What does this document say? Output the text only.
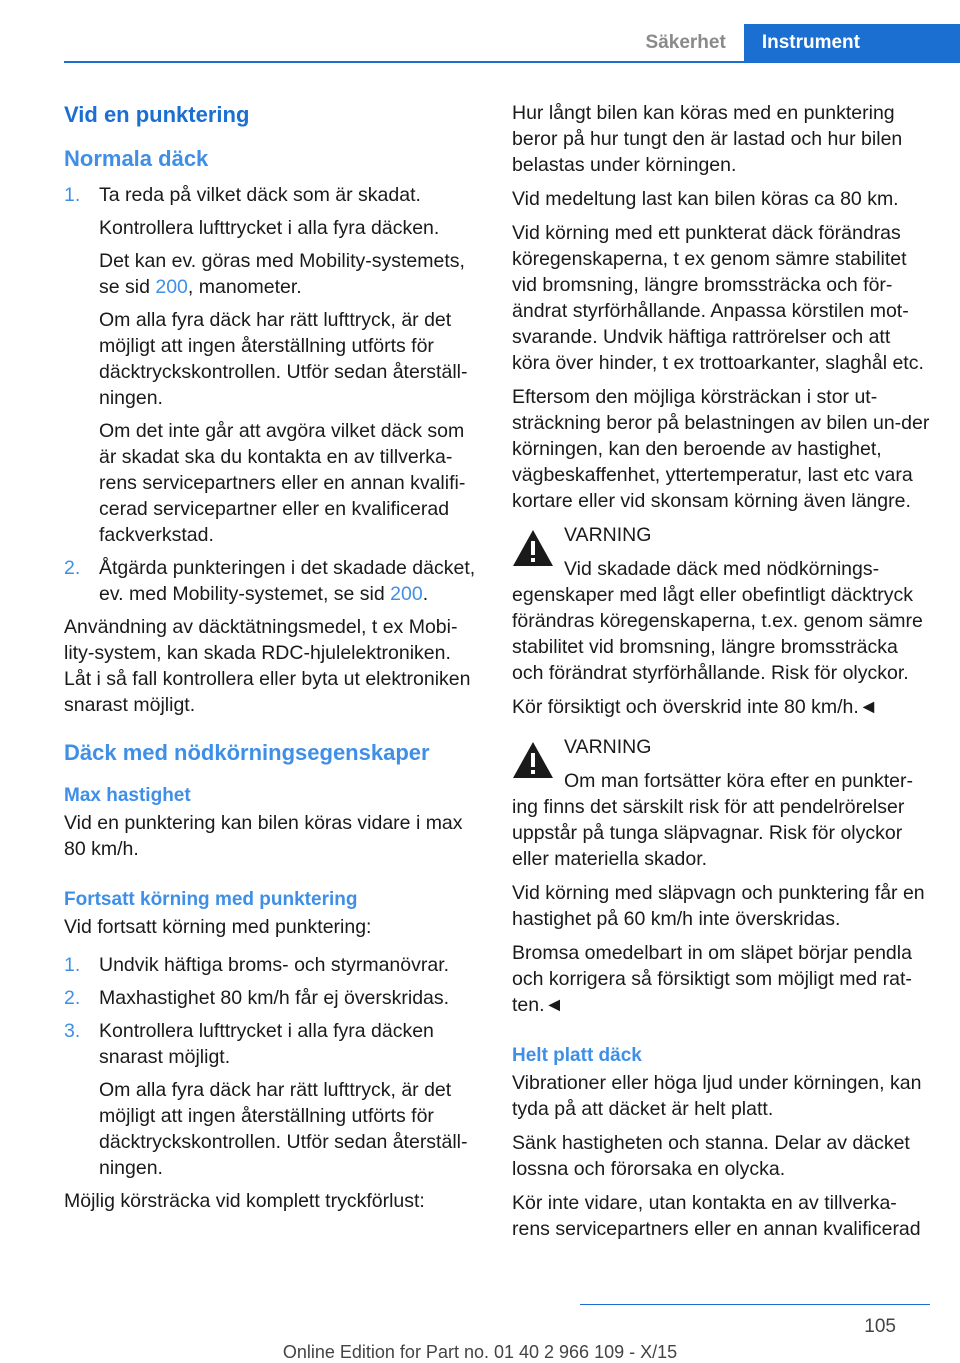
Säkerhet	Instrument
Vid en punktering
Normala däck
1. Ta reda på vilket däck som är skadat.

Kontrollera lufttrycket i alla fyra däcken.

Det kan ev. göras med Mobility-systemets, se sid 200, manometer.

Om alla fyra däck har rätt lufttryck, är det möjligt att ingen återställning utförts för däcktryckskontrollen. Utför sedan återställ-ningen.

Om det inte går att avgöra vilket däck som är skadat ska du kontakta en av tillverka-rens servicepartners eller en annan kvalifi-cerad servicepartner eller en kvalificerad fackverkstad.

2. Åtgärda punkteringen i det skadade däcket, ev. med Mobility-systemet, se sid 200.

Användning av däcktätningsmedel, t ex Mobi-lity-system, kan skada RDC-hjulelektroniken. Låt i så fall kontrollera eller byta ut elektroniken snarast möjligt.

Däck med nödkörningsegenskaper
Max hastighet

Vid en punktering kan bilen köras vidare i max 80 km/h.

Fortsatt körning med punktering

Vid fortsatt körning med punktering:

1. Undvik häftiga broms- och styrmanövrar.

2. Maxhastighet 80 km/h får ej överskridas.

3. Kontrollera lufttrycket i alla fyra däcken snarast möjligt.

Om alla fyra däck har rätt lufttryck, är det möjligt att ingen återställning utförts för däcktryckskontrollen. Utför sedan återställ-ningen.

Möjlig körsträcka vid komplett tryckförlust:

Hur långt bilen kan köras med en punktering beror på hur tungt den är lastad och hur bilen belastas under körningen.

Vid medeltung last kan bilen köras ca 80 km.

Vid körning med ett punkterat däck förändras köregenskaperna, t ex genom sämre stabilitet vid bromsning, längre bromssträcka och för-ändrat styrförhållande. Anpassa körstilen mot-svarande. Undvik häftiga rattrörelser och att köra över hinder, t ex trottoarkanter, slaghål etc.

Eftersom den möjliga körsträckan i stor ut-sträckning beror på belastningen av bilen un-der körningen, kan den beroende av hastighet, vägbeskaffenhet, yttertemperatur, last etc vara kortare eller vid skonsam körning även längre.

VARNING

Vid skadade däck med nödkörnings-
egenskaper med lågt eller obefintligt däcktryck förändras köregenskaperna, t.ex. genom sämre stabilitet vid bromsning, längre bromssträcka och förändrat styrförhållande. Risk för olyckor.

Kör försiktigt och överskrid inte 80 km/h.◄

VARNING

Om man fortsätter köra efter en punkter-
ing finns det särskilt risk för att pendelrörelser uppstår på tunga släpvagnar. Risk för olyckor eller materiella skador.

Vid körning med släpvagn och punktering får en hastighet på 60 km/h inte överskridas.

Bromsa omedelbart in om släpet börjar pendla och korrigera så försiktigt som möjligt med rat-ten.◄

Helt platt däck

Vibrationer eller höga ljud under körningen, kan tyda på att däcket är helt platt.

Sänk hastigheten och stanna. Delar av däcket lossna och förorsaka en olycka.

Kör inte vidare, utan kontakta en av tillverka-rens servicepartners eller en annan kvalificerad

105
Online Edition for Part no. 01 40 2 966 109 - X/15
